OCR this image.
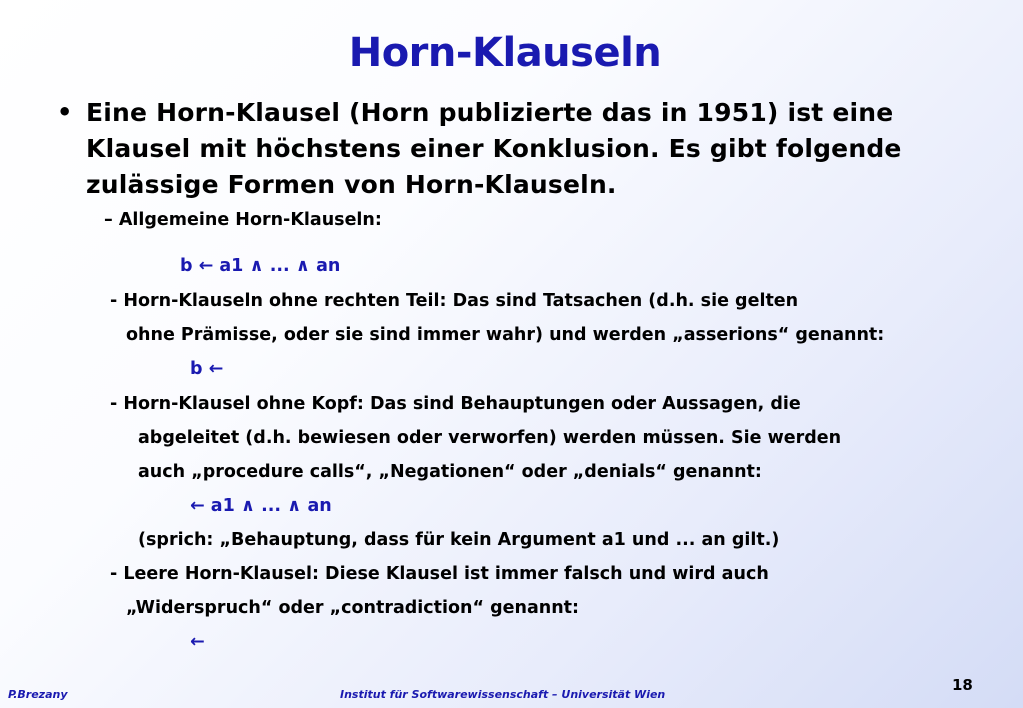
Horn-Klauseln
• Eine Horn-Klausel (Horn publizierte das in 1951) ist eine
Klausel mit höchstens einer Konklusion. Es gibt folgende
zulässige Formen von Horn-Klauseln.
– Allgemeine Horn-Klauseln:
b ← a1 ∧ ... ∧ an
- Horn-Klauseln ohne rechten Teil: Das sind Tatsachen (d.h. sie gelten
ohne Prämisse, oder sie sind immer wahr) und werden „asserions“ genannt:
b ←
- Horn-Klausel ohne Kopf: Das sind Behauptungen oder Aussagen, die
abgeleitet (d.h. bewiesen oder verworfen) werden müssen. Sie werden
auch „procedure calls“, „Negationen“ oder „denials“ genannt:
← a1 ∧ ... ∧ an
(sprich: „Behauptung, dass für kein Argument a1 und ... an gilt.)
- Leere Horn-Klausel: Diese Klausel ist immer falsch und wird auch
„Widerspruch“ oder „contradiction“ genannt:
←
P.Brezany	Institut für Softwarewissenschaft – Universität Wien
18
